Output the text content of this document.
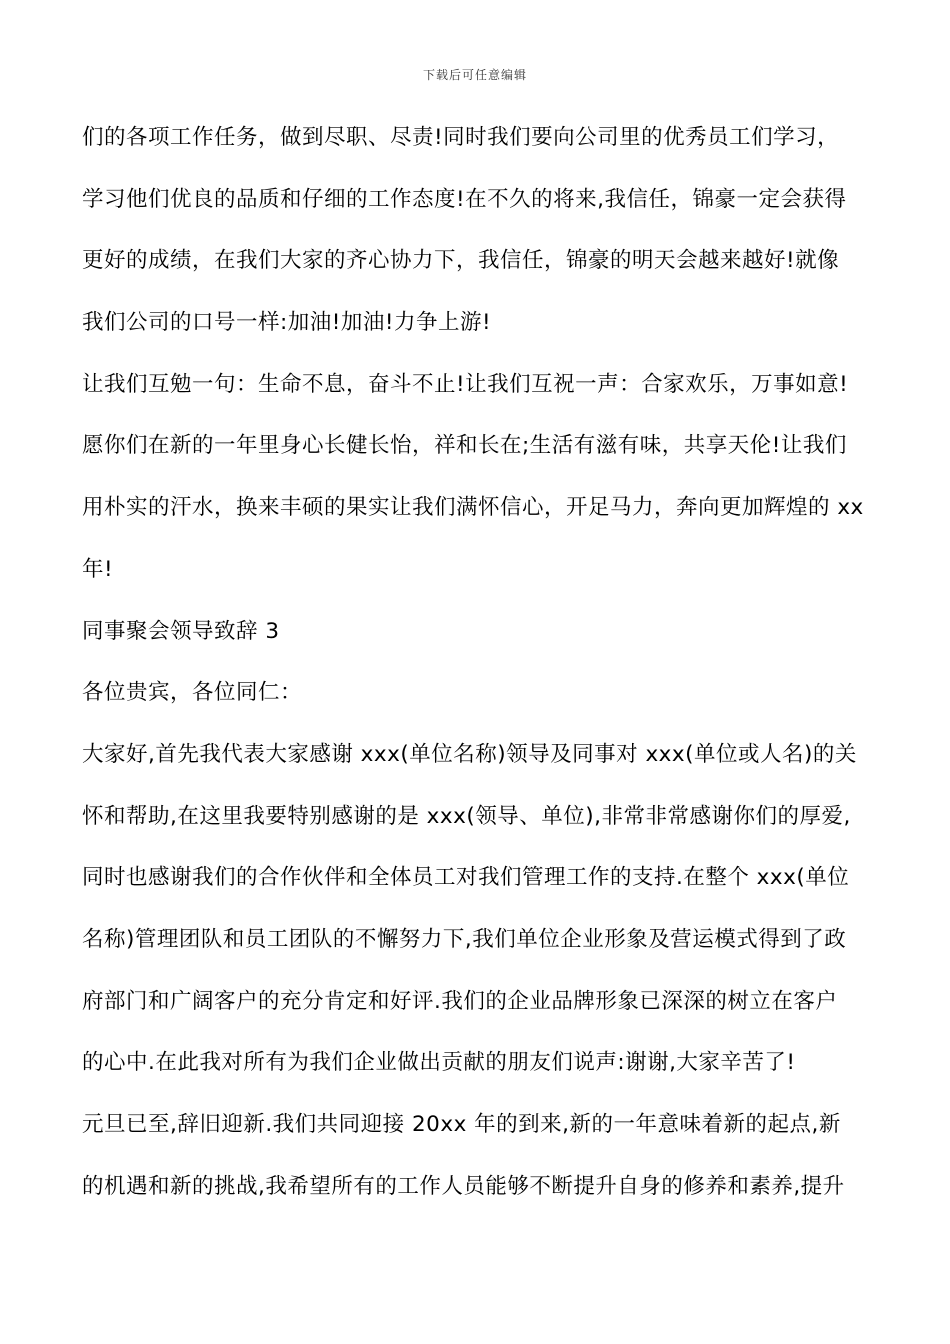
下载后可任意编辑
们的各项工作任务，做到尽职、尽责!同时我们要向公司里的优秀员工们学习，
学习他们优良的品质和仔细的工作态度!在不久的将来,我信任，锦豪一定会获得
更好的成绩，在我们大家的齐心协力下，我信任，锦豪的明天会越来越好!就像
我们公司的口号一样:加油!加油!力争上游!
让我们互勉一句：生命不息，奋斗不止!让我们互祝一声：合家欢乐，万事如意!
愿你们在新的一年里身心长健长怡，祥和长在;生活有滋有味，共享天伦!让我们
用朴实的汗水，换来丰硕的果实让我们满怀信心，开足马力，奔向更加辉煌的 xx
年!
同事聚会领导致辞 3
各位贵宾，各位同仁：
大家好,首先我代表大家感谢 xxx(单位名称)领导及同事对 xxx(单位或人名)的关
怀和帮助,在这里我要特别感谢的是 xxx(领导、单位),非常非常感谢你们的厚爱,
同时也感谢我们的合作伙伴和全体员工对我们管理工作的支持.在整个 xxx(单位
名称)管理团队和员工团队的不懈努力下,我们单位企业形象及营运模式得到了政
府部门和广阔客户的充分肯定和好评.我们的企业品牌形象已深深的树立在客户
的心中.在此我对所有为我们企业做出贡献的朋友们说声:谢谢,大家辛苦了!
元旦已至,辞旧迎新.我们共同迎接 20xx 年的到来,新的一年意味着新的起点,新
的机遇和新的挑战,我希望所有的工作人员能够不断提升自身的修养和素养,提升
